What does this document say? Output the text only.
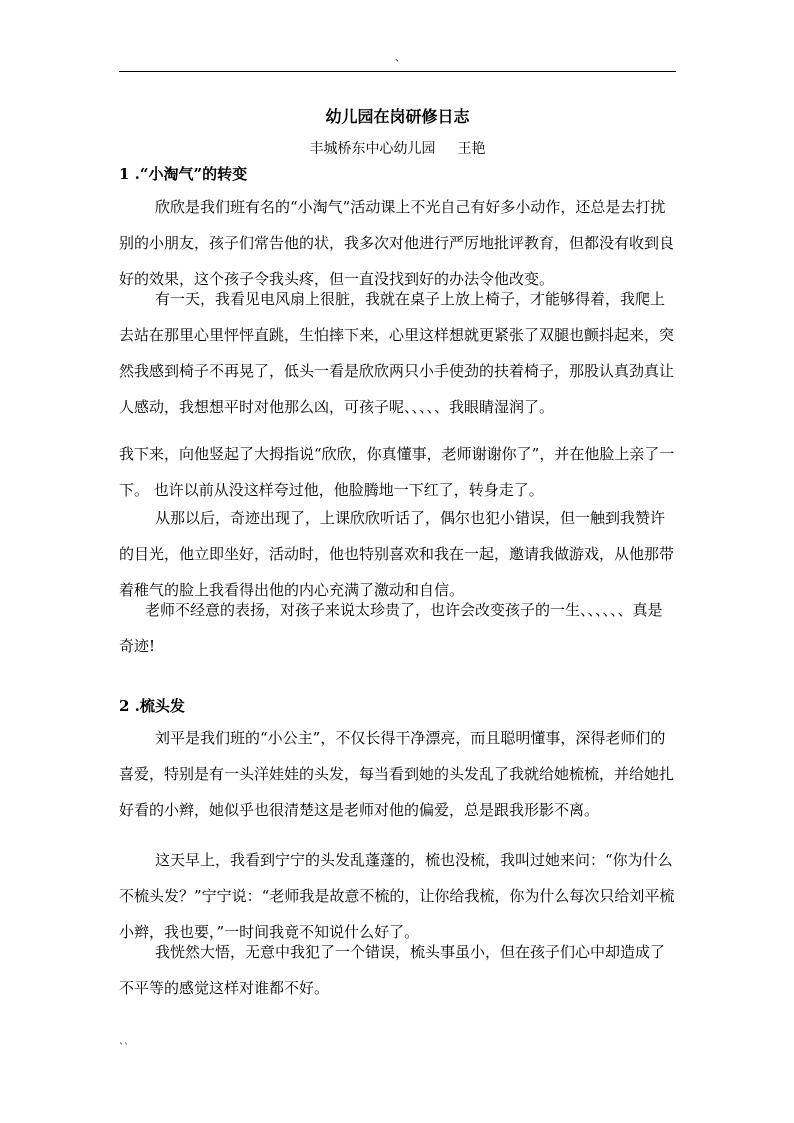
、
幼儿园在岗研修日志
丰城桥东中心幼儿园 王艳
1 .“小淘气”的转变
欣欣是我们班有名的“小淘气”活动课上不光自己有好多小动作，还总是去打扰别的小朋友，孩子们常告他的状，我多次对他进行严厉地批评教育，但都没有收到良好的效果，这个孩子令我头疼，但一直没找到好的办法令他改变。
有一天，我看见电风扇上很脏，我就在桌子上放上椅子，才能够得着，我爬上去站在那里心里怦怦直跳，生怕摔下来，心里这样想就更紧张了双腿也颤抖起来，突然我感到椅子不再晃了，低头一看是欣欣两只小手使劲的扶着椅子，那股认真劲真让人感动，我想想平时对他那么凶，可孩子呢、、、、、我眼睛湿润了。
我下来，向他竖起了大拇指说“欣欣，你真懂事，老师谢谢你了”，并在他脸上亲了一下。 也许以前从没这样夸过他，他脸腾地一下红了，转身走了。
从那以后，奇迹出现了，上课欣欣听话了，偶尔也犯小错误，但一触到我赞许的目光，他立即坐好，活动时，他也特别喜欢和我在一起，邀请我做游戏，从他那带着稚气的脸上我看得出他的内心充满了激动和自信。
老师不经意的表扬，对孩子来说太珍贵了，也许会改变孩子的一生、、、、、、真是奇迹!
2 .梳头发
刘平是我们班的“小公主”，不仅长得干净漂亮，而且聪明懂事，深得老师们的喜爱，特别是有一头洋娃娃的头发，每当看到她的头发乱了我就给她梳梳，并给她扎好看的小辫，她似乎也很清楚这是老师对他的偏爱，总是跟我形影不离。
这天早上，我看到宁宁的头发乱蓬蓬的，梳也没梳，我叫过她来问：“你为什么不梳头发？”宁宁说：“老师我是故意不梳的，让你给我梳，你为什么每次只给刘平梳小辫，我也要，”一时间我竟不知说什么好了。
我恍然大悟，无意中我犯了一个错误，梳头事虽小，但在孩子们心中却造成了不平等的感觉这样对谁都不好。
``
